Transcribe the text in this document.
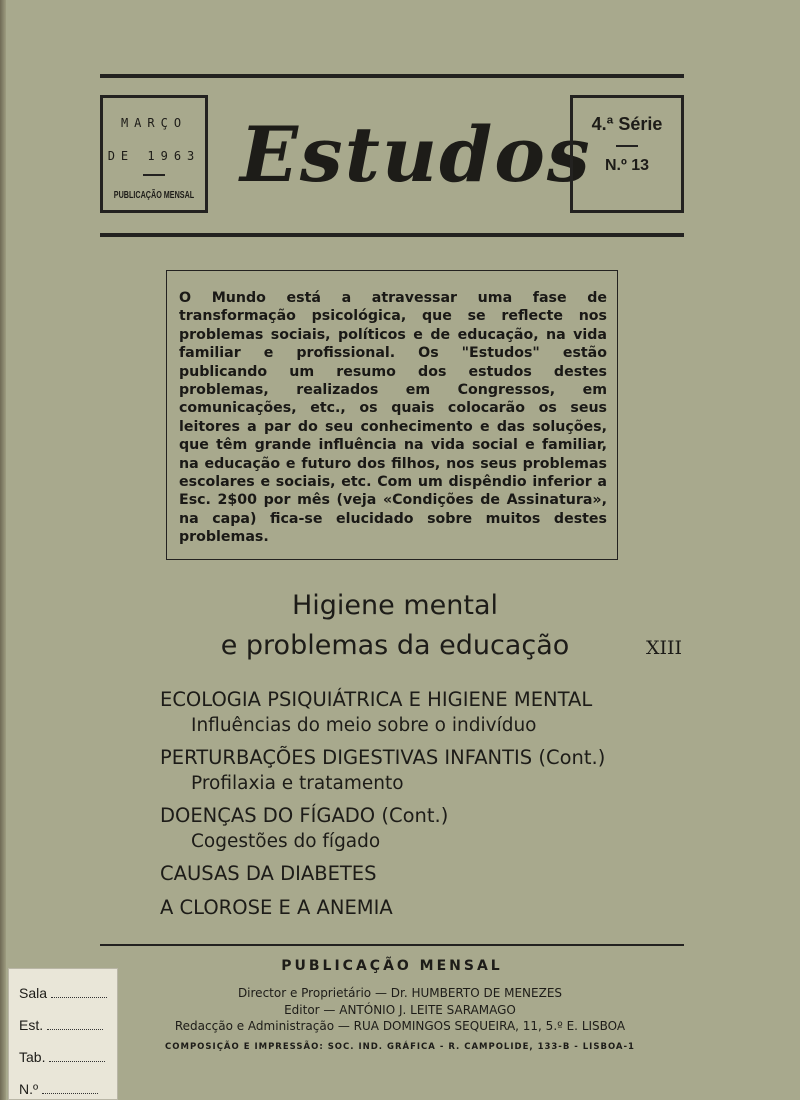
MARÇO
DE 1963
PUBLICAÇÃO MENSAL Estudos 4.ª Série
N.º 13

O Mundo está a atravessar uma fase de transformação psicológica, que se reflecte nos problemas sociais, políticos e de educação, na vida familiar e profissional. Os "Estudos" estão publicando um resumo dos estudos destes problemas, realizados em Congressos, em comunicações, etc., os quais colocarão os seus leitores a par do seu conhecimento e das soluções, que têm grande influência na vida social e familiar, na educação e futuro dos filhos, nos seus problemas escolares e sociais, etc. Com um dispêndio inferior a Esc. 2$00 por mês (veja «Condições de Assinatura», na capa) fica-se elucidado sobre muitos destes problemas.

Higiene mental
e problemas da educação	XIII
ECOLOGIA PSIQUIÁTRICA E HIGIENE MENTAL
Influências do meio sobre o indivíduo
PERTURBAÇÕES DIGESTIVAS INFANTIS (Cont.)
Profilaxia e tratamento
DOENÇAS DO FÍGADO (Cont.)
Cogestões do fígado
CAUSAS DA DIABETES
A CLOROSE E A ANEMIA
PUBLICAÇÃO MENSAL
Director e Proprietário — Dr. HUMBERTO DE MENEZES
Editor — ANTÓNIO J. LEITE SARAMAGO
Redacção e Administração — RUA DOMINGOS SEQUEIRA, 11, 5.º E. LISBOA
COMPOSIÇÃO E IMPRESSÃO: SOC. IND. GRÁFICA - R. CAMPOLIDE, 133-B - LISBOA-1
Sala
Est.
Tab.
N.º
